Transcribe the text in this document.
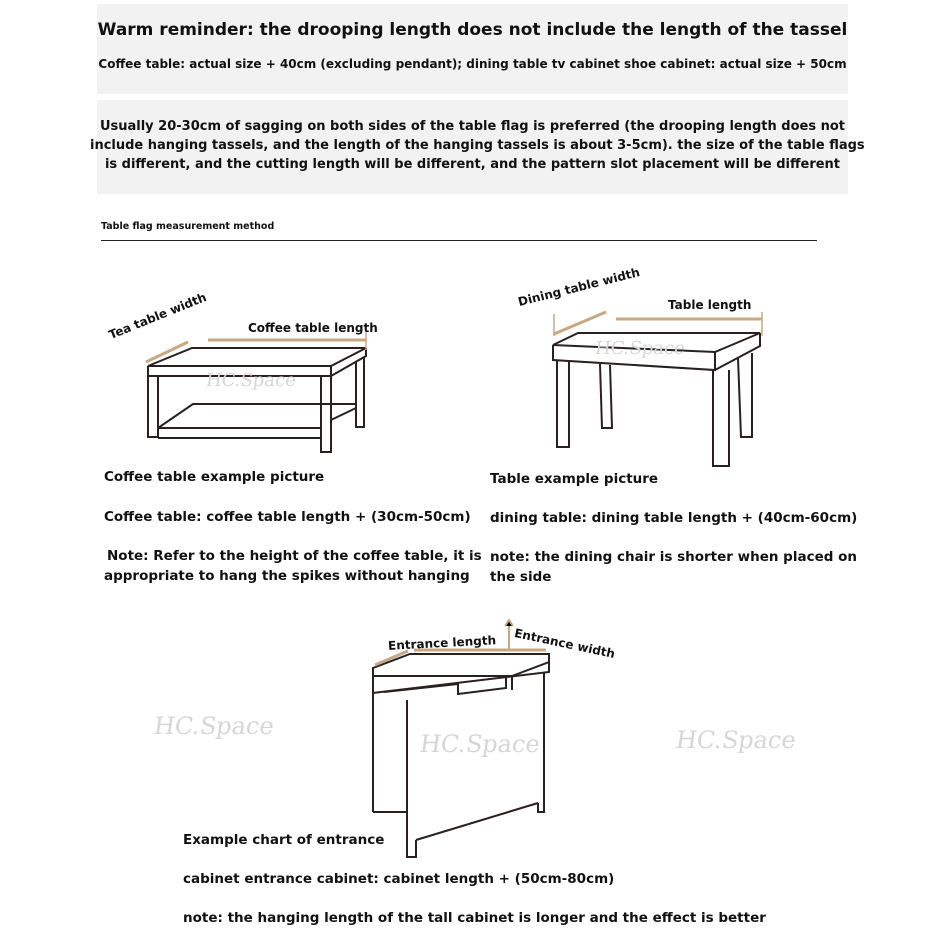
Warm reminder: the drooping length does not include the length of the tassel
Coffee table: actual size + 40cm (excluding pendant); dining table tv cabinet shoe cabinet: actual size + 50cm
Usually 20-30cm of sagging on both sides of the table flag is preferred (the drooping length does not
include hanging tassels, and the length of the hanging tassels is about 3-5cm). the size of the table flags
is different, and the cutting length will be different, and the pattern slot placement will be different
Table flag measurement method
HC.Space
Tea table width	Coffee table length
Coffee table example picture
Coffee table: coffee table length + (30cm-50cm)
Note: Refer to the height of the coffee table, it is
appropriate to hang the spikes without hanging
HC.Space
Dining table width Table length
Table example picture
dining table: dining table length + (40cm-60cm)
note: the dining chair is shorter when placed on
the side
HC.Space
HC.Space	HC.Space
Entrance length Entrance width
Example chart of entrance
cabinet entrance cabinet: cabinet length + (50cm-80cm)
note: the hanging length of the tall cabinet is longer and the effect is better
